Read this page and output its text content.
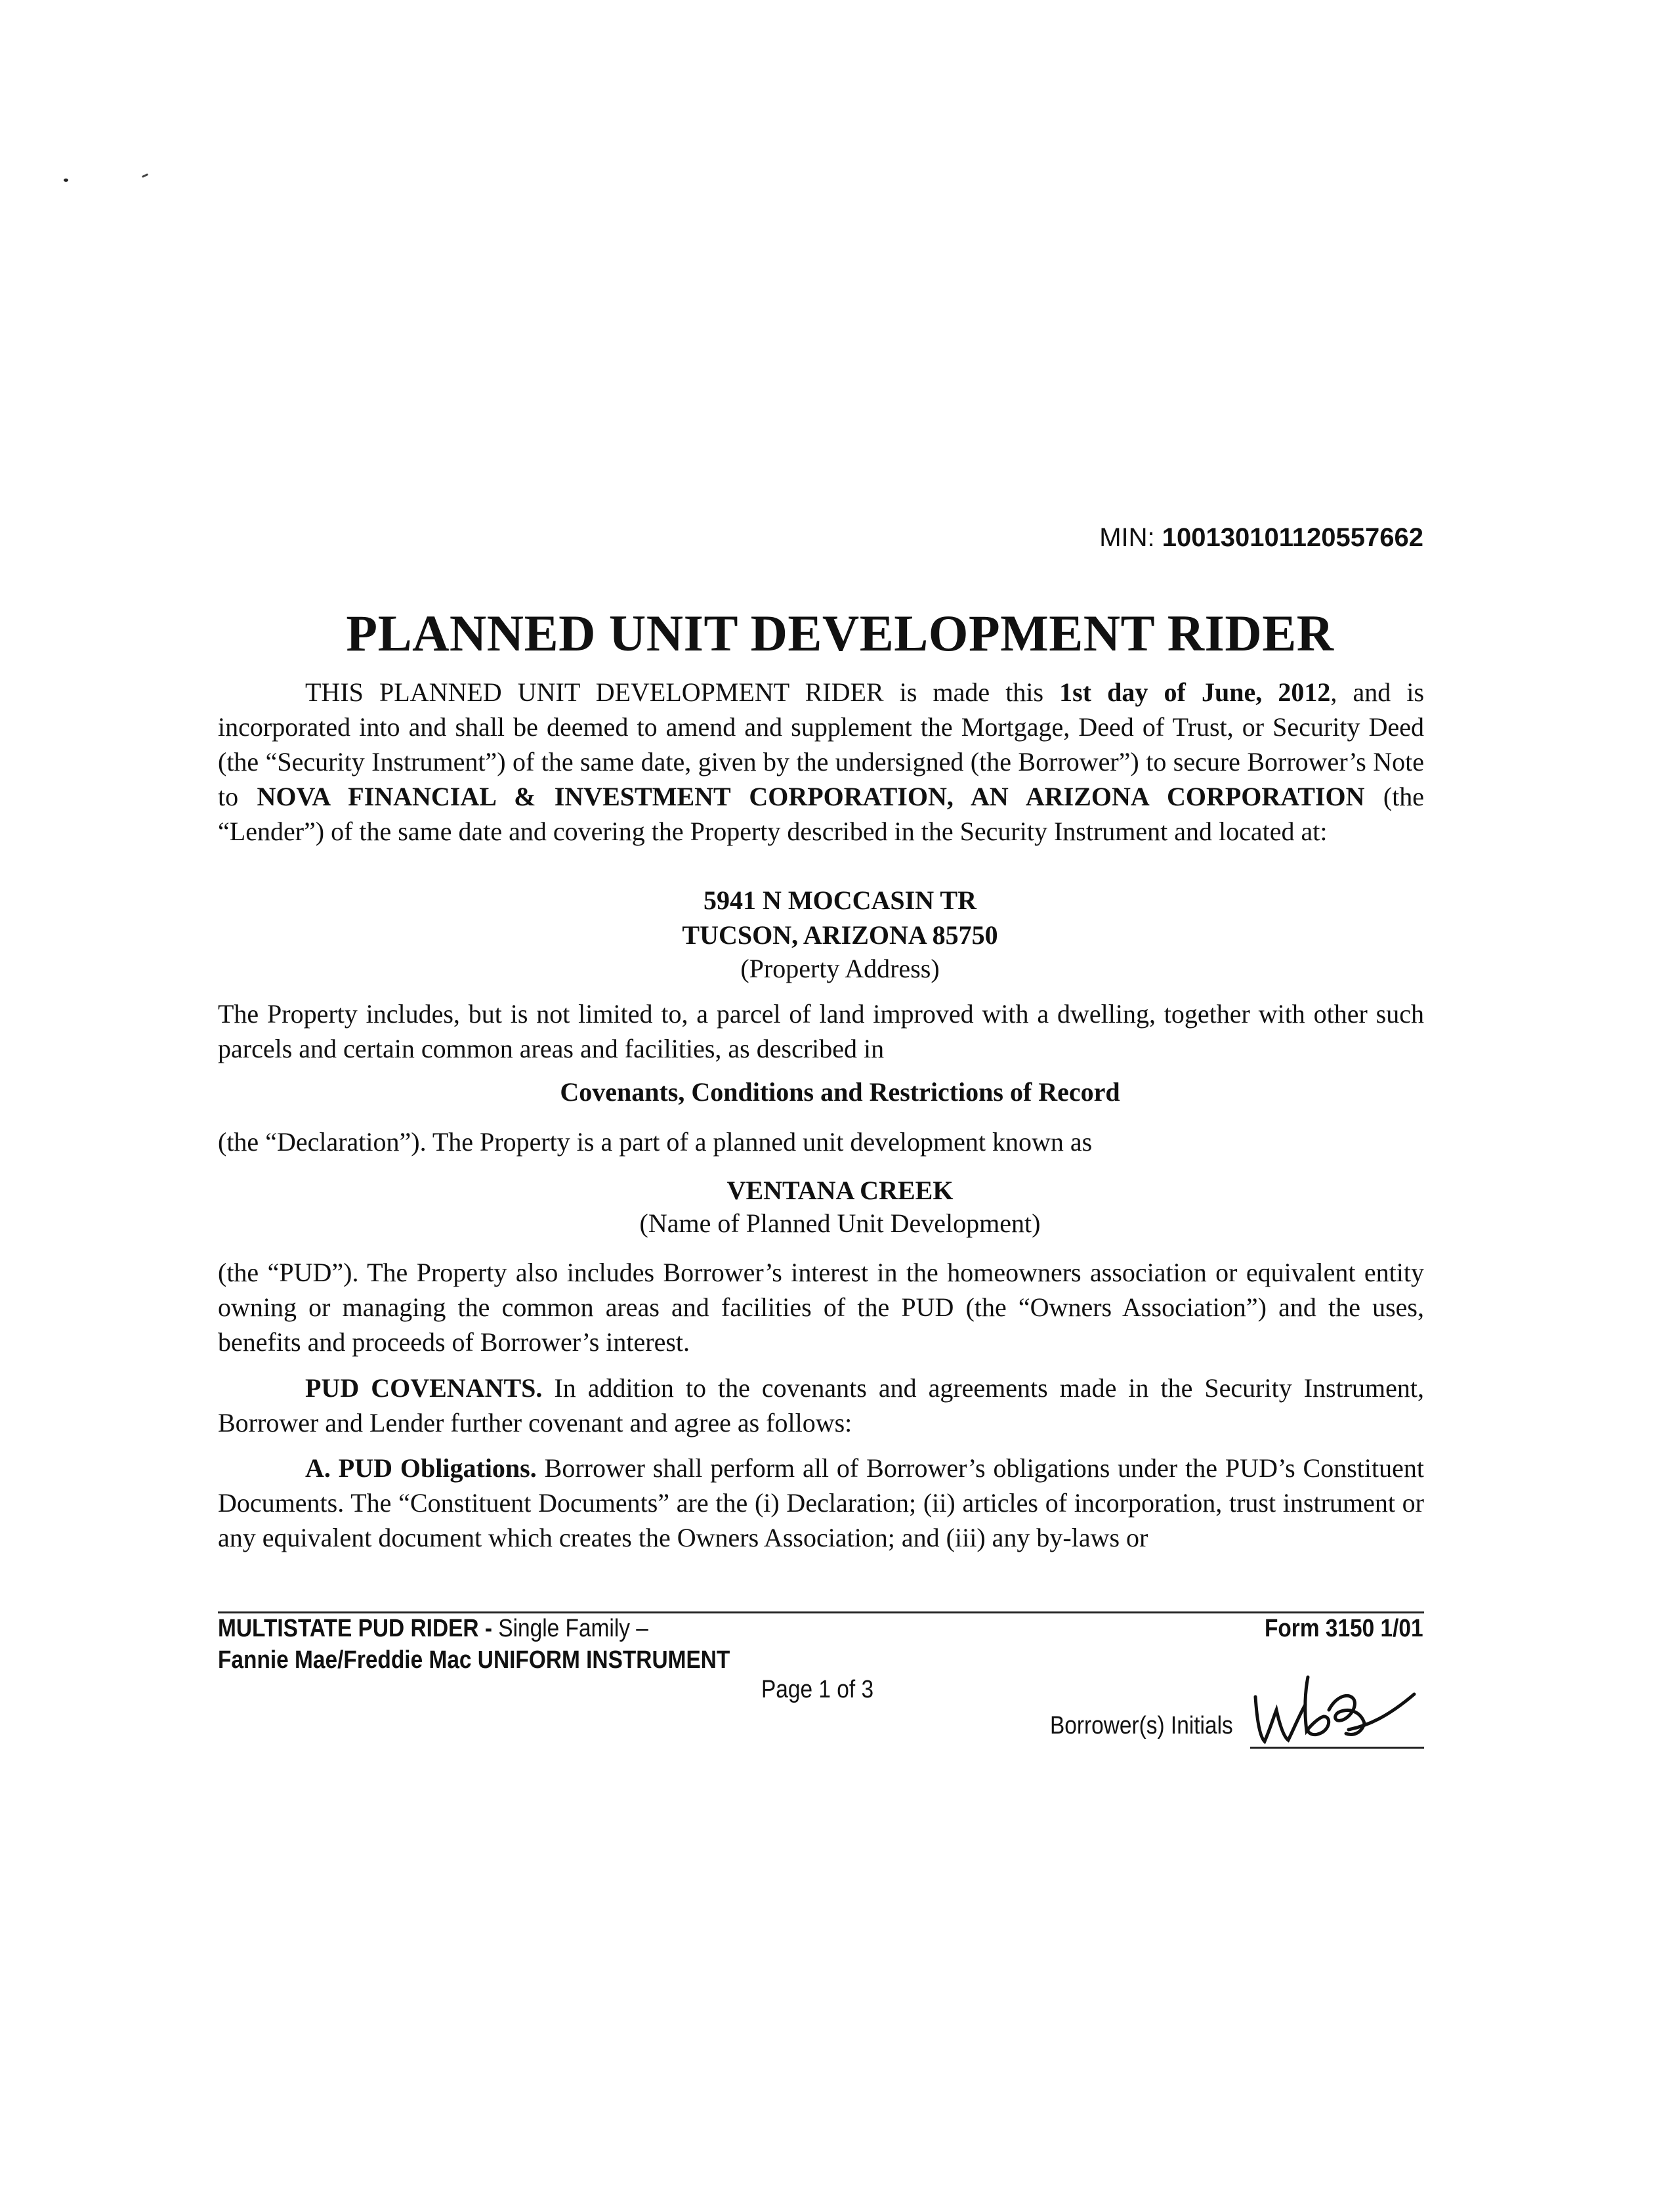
MIN: 100130101120557662
PLANNED UNIT DEVELOPMENT RIDER
THIS PLANNED UNIT DEVELOPMENT RIDER is made this 1st day of June, 2012, and is incorporated into and shall be deemed to amend and supplement the Mortgage, Deed of Trust, or Security Deed (the “Security Instrument”) of the same date, given by the undersigned (the Borrower”) to secure Borrower’s Note to NOVA FINANCIAL & INVESTMENT CORPORATION, AN ARIZONA CORPORATION (the “Lender”) of the same date and covering the Property described in the Security Instrument and located at:
5941 N MOCCASIN TR
TUCSON, ARIZONA 85750
(Property Address)
The Property includes, but is not limited to, a parcel of land improved with a dwelling, together with other such parcels and certain common areas and facilities, as described in
Covenants, Conditions and Restrictions of Record
(the “Declaration”). The Property is a part of a planned unit development known as
VENTANA CREEK
(Name of Planned Unit Development)
(the “PUD”). The Property also includes Borrower’s interest in the homeowners association or equivalent entity owning or managing the common areas and facilities of the PUD (the “Owners Association”) and the uses, benefits and proceeds of Borrower’s interest.
PUD COVENANTS. In addition to the covenants and agreements made in the Security Instrument, Borrower and Lender further covenant and agree as follows:
A. PUD Obligations. Borrower shall perform all of Borrower’s obligations under the PUD’s Constituent Documents. The “Constituent Documents” are the (i) Declaration; (ii) articles of incorporation, trust instrument or any equivalent document which creates the Owners Association; and (iii) any by-laws or
MULTISTATE PUD RIDER - Single Family –
Fannie Mae/Freddie Mac UNIFORM INSTRUMENT
Form 3150 1/01
Page 1 of 3
Borrower(s) Initials
